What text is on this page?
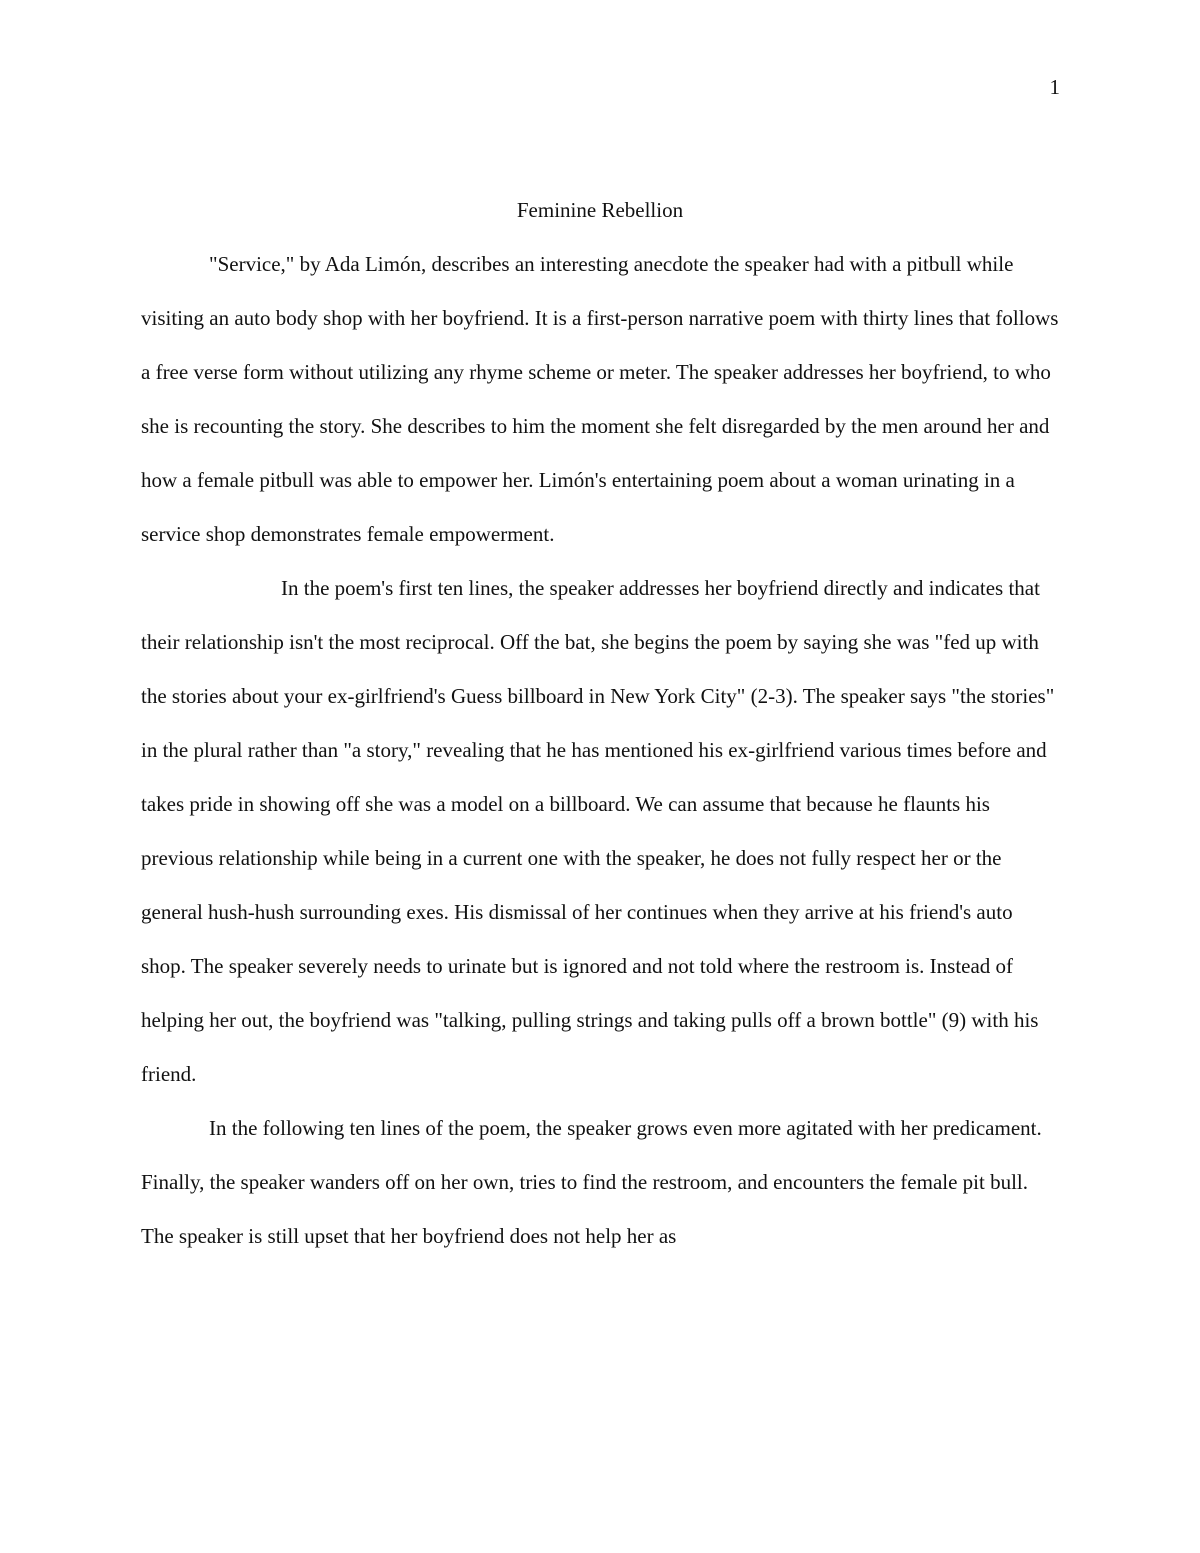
1
Feminine Rebellion

"Service," by Ada Limón, describes an interesting anecdote the speaker had with a pitbull while visiting an auto body shop with her boyfriend. It is a first-person narrative poem with thirty lines that follows a free verse form without utilizing any rhyme scheme or meter. The speaker addresses her boyfriend, to who she is recounting the story. She describes to him the moment she felt disregarded by the men around her and how a female pitbull was able to empower her. Limón's entertaining poem about a woman urinating in a service shop demonstrates female empowerment.

In the poem's first ten lines, the speaker addresses her boyfriend directly and indicates that their relationship isn't the most reciprocal. Off the bat, she begins the poem by saying she was "fed up with the stories about your ex-girlfriend's Guess billboard in New York City" (2-3). The speaker says "the stories" in the plural rather than "a story," revealing that he has mentioned his ex-girlfriend various times before and takes pride in showing off she was a model on a billboard. We can assume that because he flaunts his previous relationship while being in a current one with the speaker, he does not fully respect her or the general hush-hush surrounding exes. His dismissal of her continues when they arrive at his friend's auto shop. The speaker severely needs to urinate but is ignored and not told where the restroom is. Instead of helping her out, the boyfriend was "talking, pulling strings and taking pulls off a brown bottle" (9) with his friend.

In the following ten lines of the poem, the speaker grows even more agitated with her predicament. Finally, the speaker wanders off on her own, tries to find the restroom, and encounters the female pit bull. The speaker is still upset that her boyfriend does not help her as
